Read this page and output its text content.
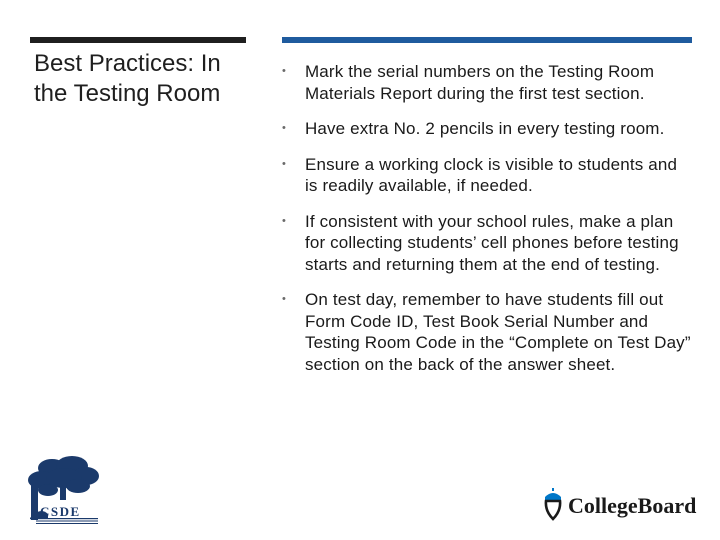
Best Practices: In the Testing Room
• Mark the serial numbers on the Testing Room Materials Report during the first test section.
• Have extra No. 2 pencils in every testing room.
• Ensure a working clock is visible to students and is readily available, if needed.
• If consistent with your school rules, make a plan for collecting students’ cell phones before testing starts and returning them at the end of testing.
• On test day, remember to have students fill out Form Code ID, Test Book Serial Number and Testing Room Code in the “Complete on Test Day” section on the back of the answer sheet.
CSDE	CollegeBoard
